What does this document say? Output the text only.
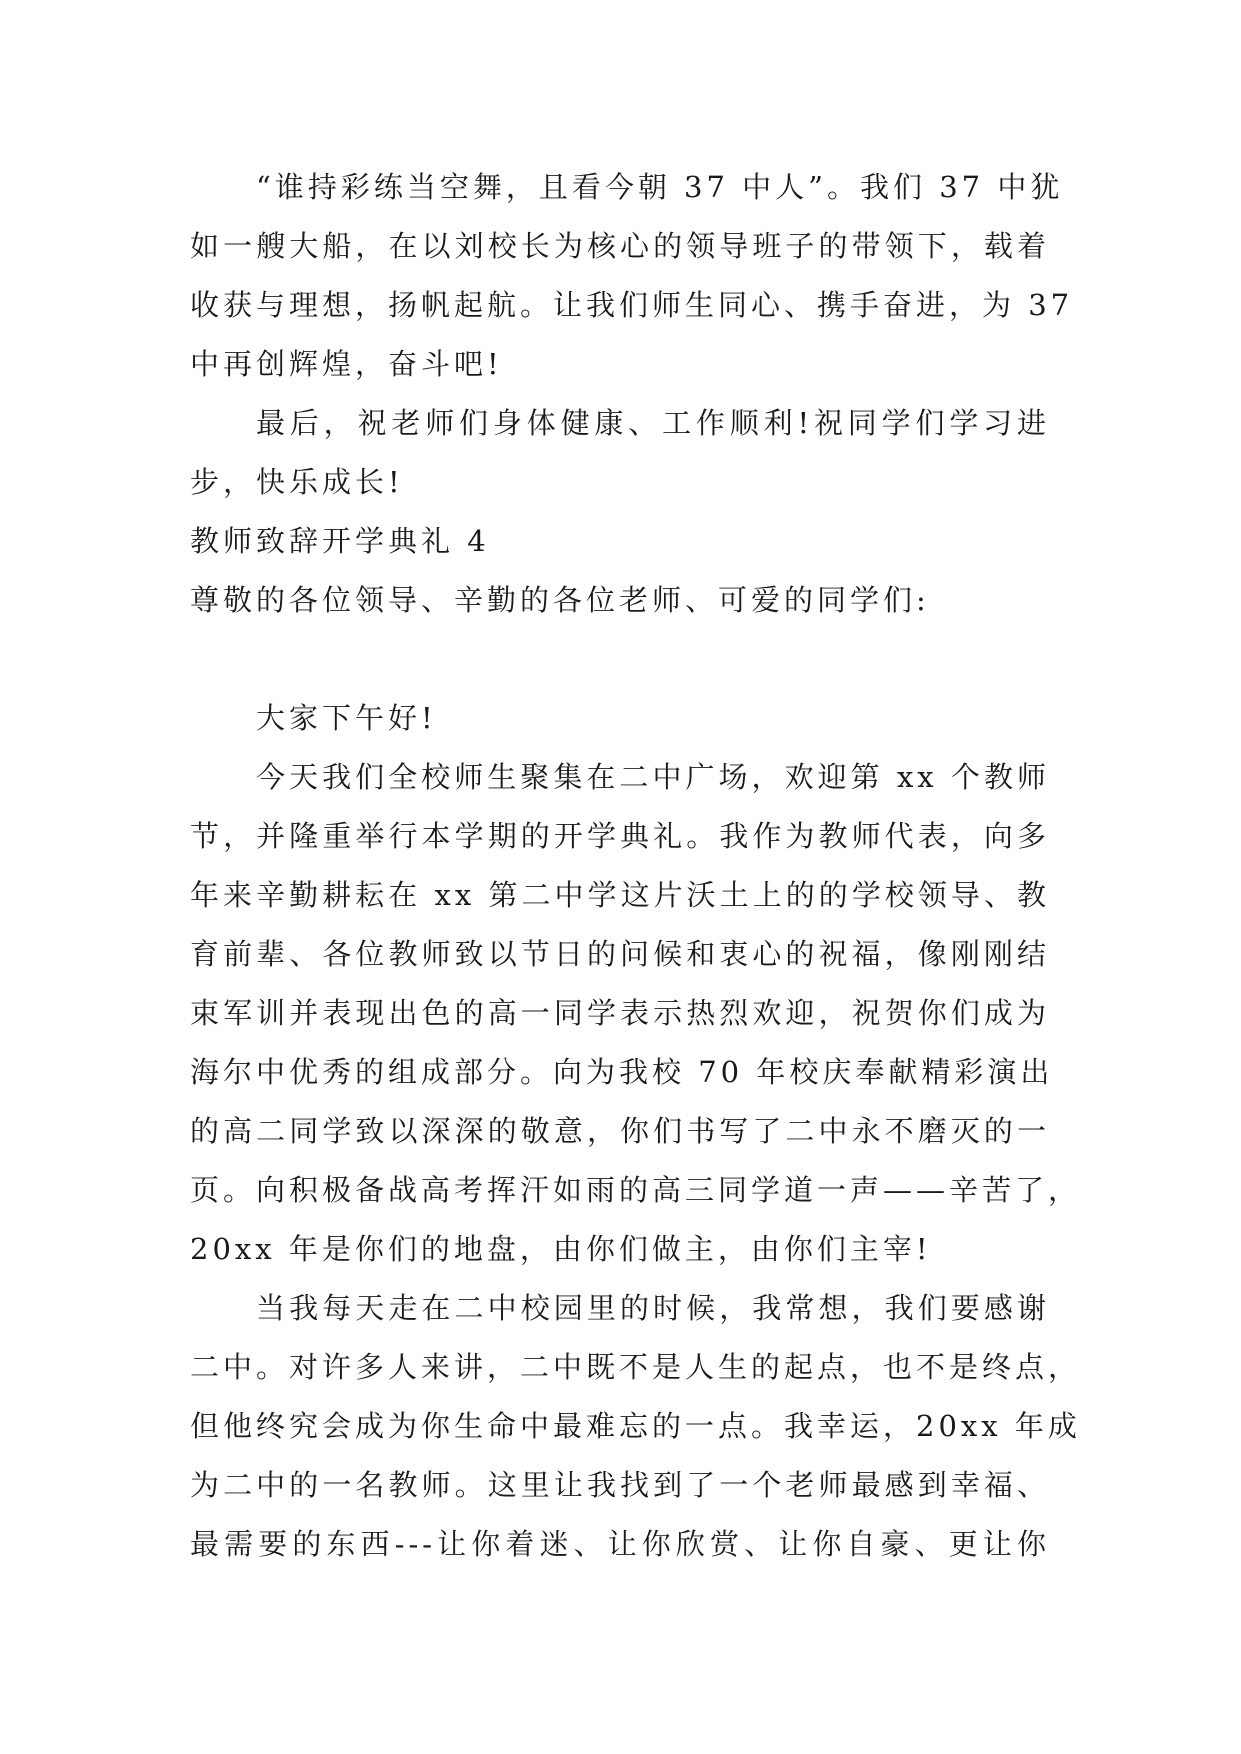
“谁持彩练当空舞，且看今朝 37 中人”。我们 37 中犹
如一艘大船，在以刘校长为核心的领导班子的带领下，载着
收获与理想，扬帆起航。让我们师生同心、携手奋进，为 37
中再创辉煌，奋斗吧!
最后，祝老师们身体健康、工作顺利!祝同学们学习进
步，快乐成长!
教师致辞开学典礼 4
尊敬的各位领导、辛勤的各位老师、可爱的同学们:
大家下午好!
今天我们全校师生聚集在二中广场，欢迎第 xx 个教师
节，并隆重举行本学期的开学典礼。我作为教师代表，向多
年来辛勤耕耘在 xx 第二中学这片沃土上的的学校领导、教
育前辈、各位教师致以节日的问候和衷心的祝福，像刚刚结
束军训并表现出色的高一同学表示热烈欢迎，祝贺你们成为
海尔中优秀的组成部分。向为我校 70 年校庆奉献精彩演出
的高二同学致以深深的敬意，你们书写了二中永不磨灭的一
页。向积极备战高考挥汗如雨的高三同学道一声——辛苦了，
20xx 年是你们的地盘，由你们做主，由你们主宰!
当我每天走在二中校园里的时候，我常想，我们要感谢
二中。对许多人来讲，二中既不是人生的起点，也不是终点，
但他终究会成为你生命中最难忘的一点。我幸运，20xx 年成
为二中的一名教师。这里让我找到了一个老师最感到幸福、
最需要的东西---让你着迷、让你欣赏、让你自豪、更让你
